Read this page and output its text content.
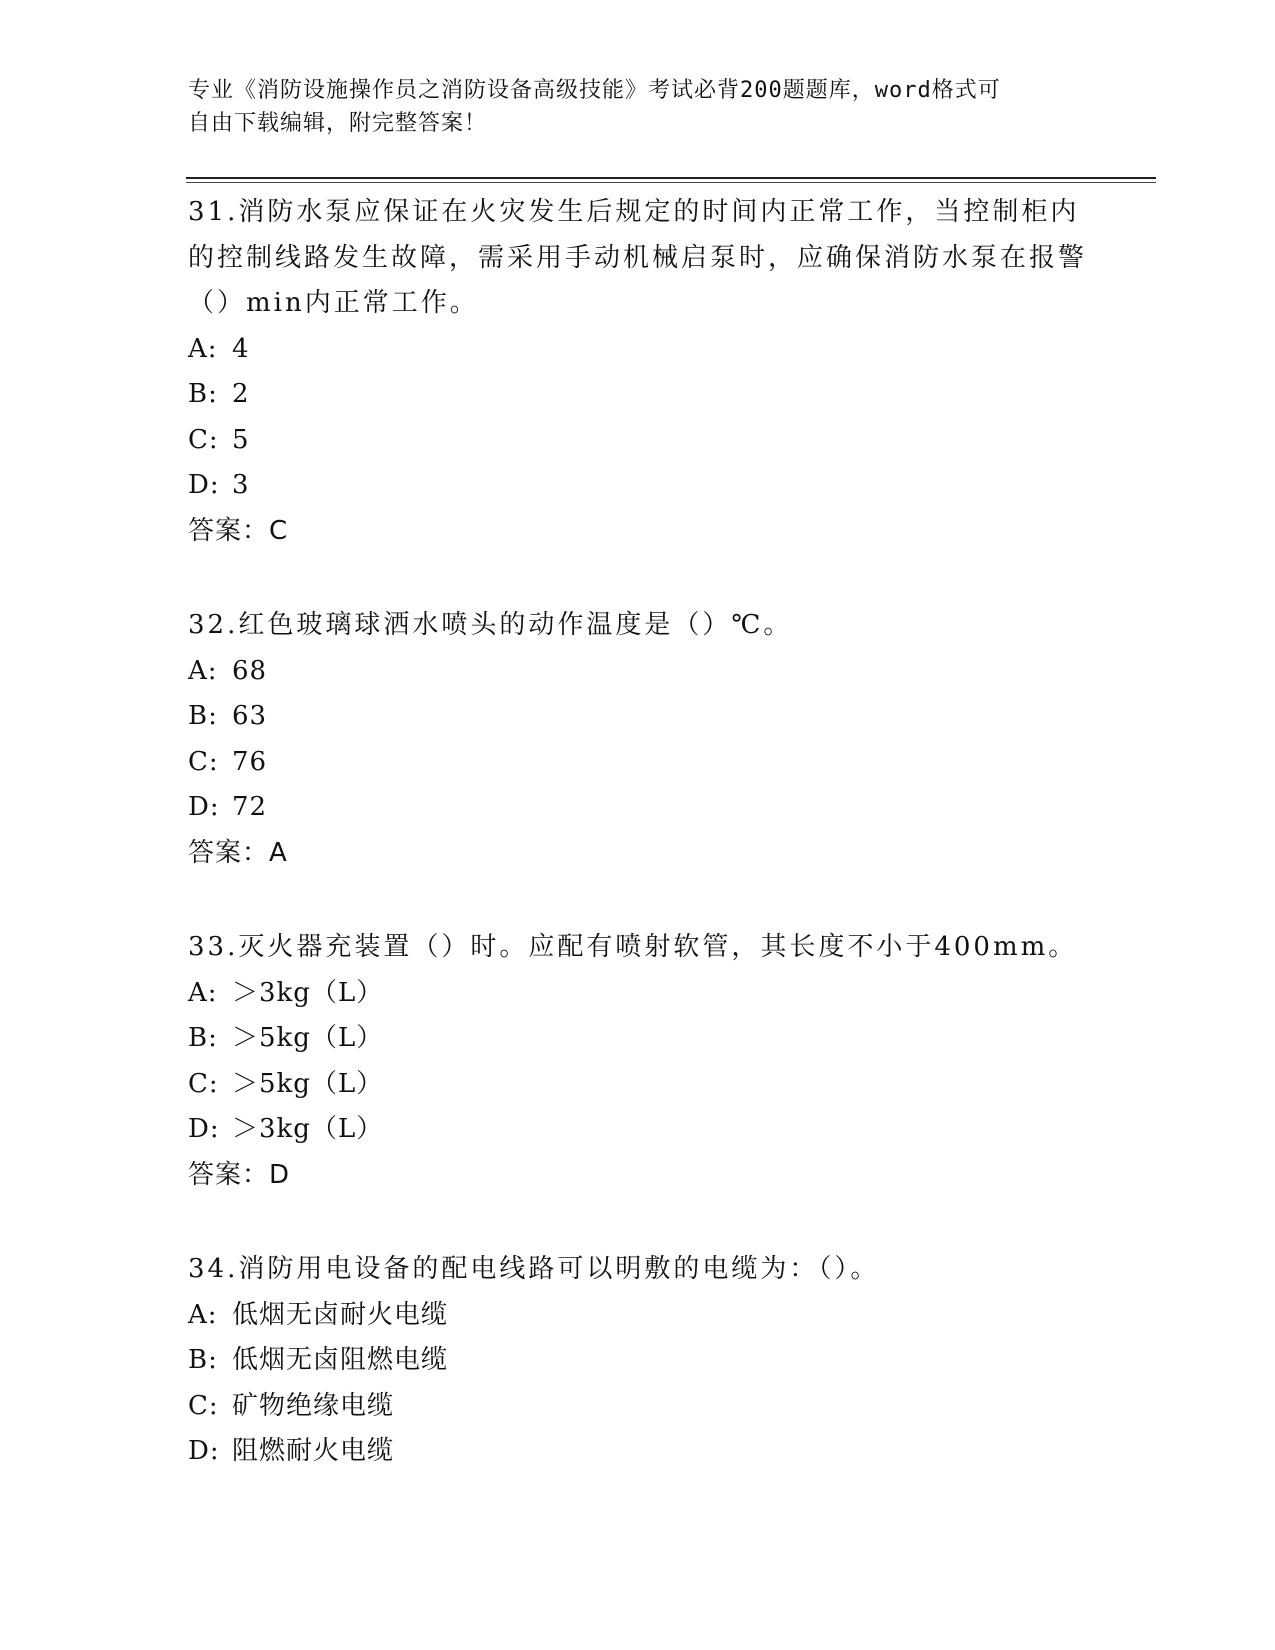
专业《消防设施操作员之消防设备高级技能》考试必背200题题库，word格式可
自由下载编辑，附完整答案！

31.消防水泵应保证在火灾发生后规定的时间内正常工作，当控制柜内的控制线路发生故障，需采用手动机械启泵时，应确保消防水泵在报警（）min内正常工作。

A: 4

B: 2

C: 5

D: 3

答案：C

32.红色玻璃球洒水喷头的动作温度是（）℃。

A: 68

B: 63

C: 76

D: 72

答案：A

33.灭火器充装置（）时。应配有喷射软管，其长度不小于400mm。

A: ＞3kg（L）

B: ＞5kg（L）

C: ＞5kg（L）

D: ＞3kg（L）

答案：D

34.消防用电设备的配电线路可以明敷的电缆为：（）。

A: 低烟无卤耐火电缆

B: 低烟无卤阻燃电缆

C: 矿物绝缘电缆

D: 阻燃耐火电缆
